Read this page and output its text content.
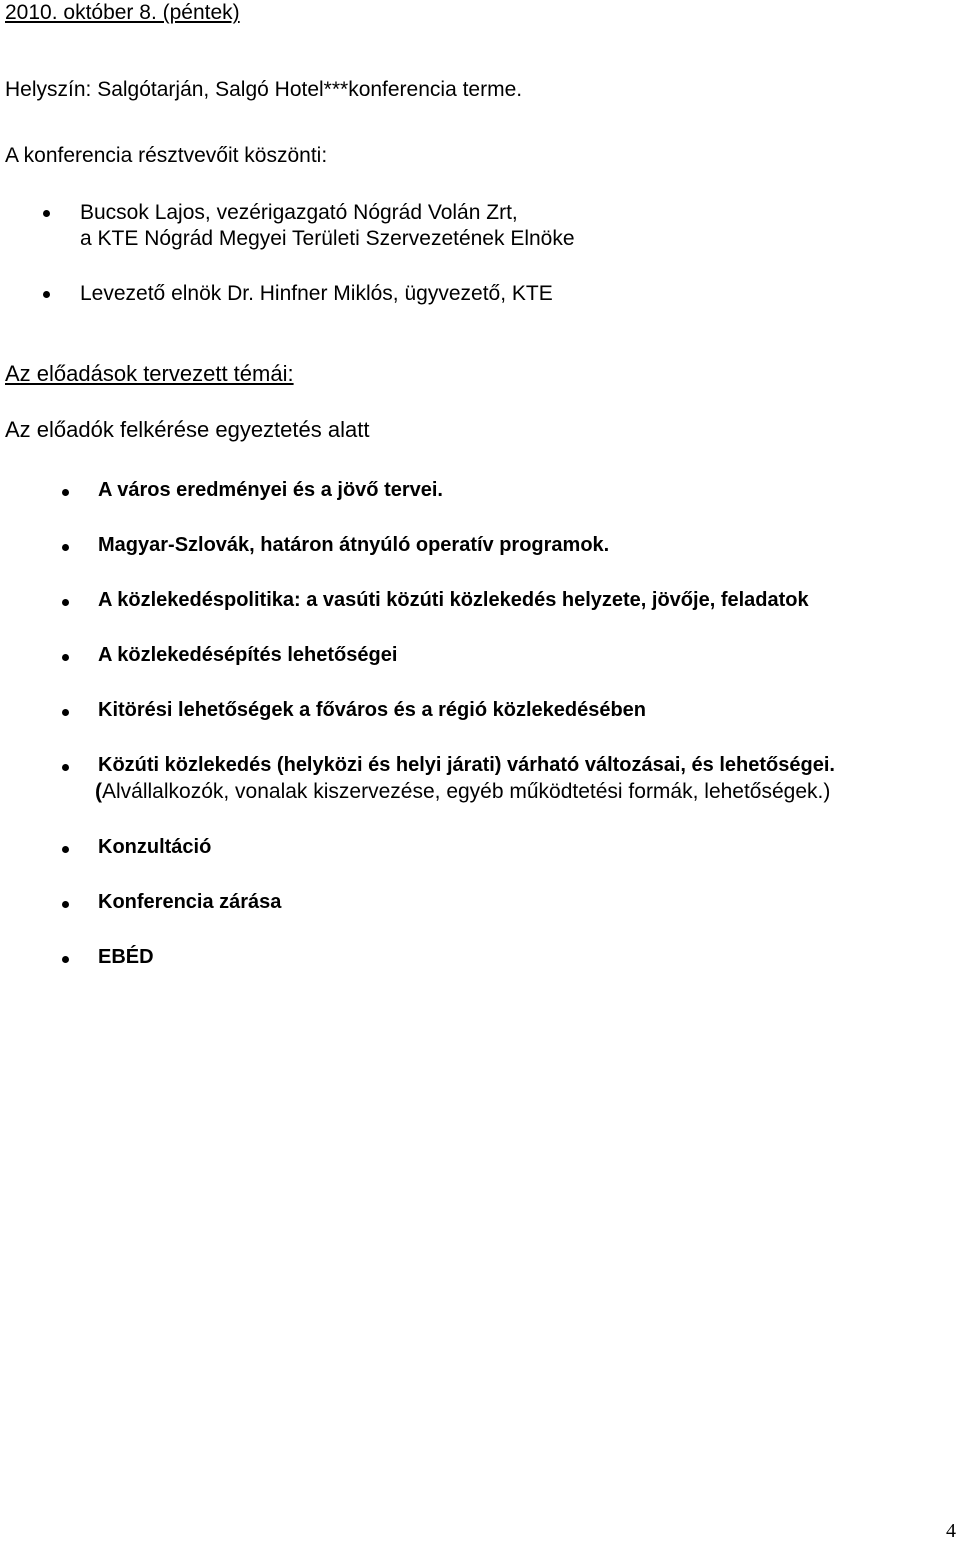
2010. október 8. (péntek)
Helyszín: Salgótarján, Salgó Hotel***konferencia terme.
A konferencia résztvevőit köszönti:
Bucsok Lajos, vezérigazgató Nógrád Volán Zrt,
a KTE Nógrád Megyei Területi Szervezetének Elnöke
Levezető elnök Dr. Hinfner Miklós, ügyvezető, KTE
Az előadások tervezett témái:
Az előadók felkérése egyeztetés alatt
A város eredményei és a jövő tervei.
Magyar-Szlovák, határon átnyúló operatív programok.
A közlekedéspolitika: a vasúti közúti közlekedés helyzete, jövője, feladatok
A közlekedésépítés lehetőségei
Kitörési lehetőségek a főváros és a régió közlekedésében
Közúti közlekedés (helyközi és helyi járati) várható változásai, és lehetőségei.
(Alvállalkozók, vonalak kiszervezése, egyéb működtetési formák, lehetőségek.)
Konzultáció
Konferencia zárása
EBÉD
4
